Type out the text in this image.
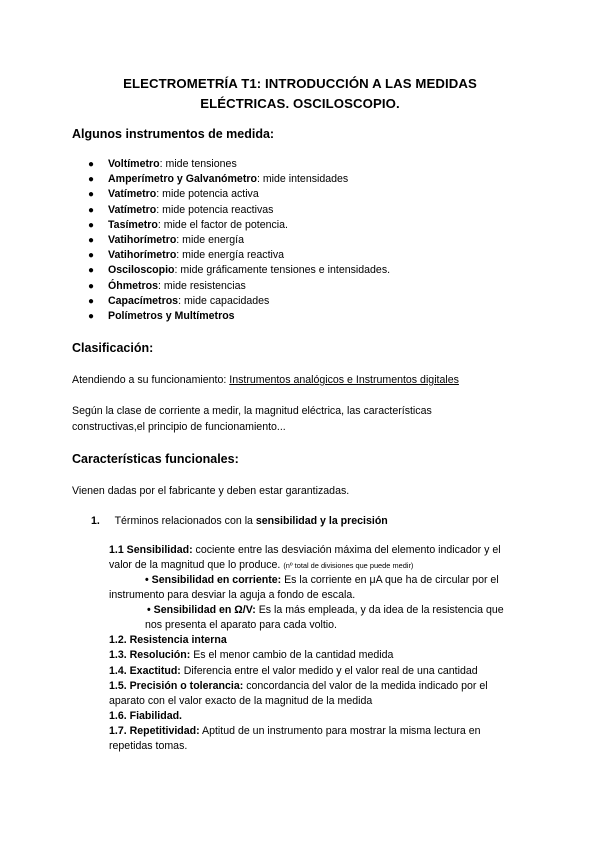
ELECTROMETRÍA T1: INTRODUCCIÓN A LAS MEDIDAS
ELÉCTRICAS. OSCILOSCOPIO.
Algunos instrumentos de medida:
● Voltímetro: mide tensiones
● Amperímetro y Galvanómetro: mide intensidades
● Vatímetro: mide potencia activa
● Vatímetro: mide potencia reactivas
● Tasímetro: mide el factor de potencia.
● Vatihorímetro: mide energía
● Vatihorímetro: mide energía reactiva
● Osciloscopio: mide gráficamente tensiones e intensidades.
● Óhmetros: mide resistencias
● Capacímetros: mide capacidades
● Polímetros y Multímetros
Clasificación:
Atendiendo a su funcionamiento: Instrumentos analógicos e Instrumentos digitales
Según la clase de corriente a medir, la magnitud eléctrica, las características
constructivas,el principio de funcionamiento...
Características funcionales:
Vienen dadas por el fabricante y deben estar garantizadas.
1. Términos relacionados con la sensibilidad y la precisión
1.1 Sensibilidad: cociente entre las desviación máxima del elemento indicador y el
valor de la magnitud que lo produce. (nº total de divisiones que puede medir)
• Sensibilidad en corriente: Es la corriente en μA que ha de circular por el
instrumento para desviar la aguja a fondo de escala.
• Sensibilidad en Ω/V: Es la más empleada, y da idea de la resistencia que
nos presenta el aparato para cada voltio.
1.2. Resistencia interna
1.3. Resolución: Es el menor cambio de la cantidad medida
1.4. Exactitud: Diferencia entre el valor medido y el valor real de una cantidad
1.5. Precisión o tolerancia: concordancia del valor de la medida indicado por el
aparato con el valor exacto de la magnitud de la medida
1.6. Fiabilidad.
1.7. Repetitividad: Aptitud de un instrumento para mostrar la misma lectura en
repetidas tomas.
